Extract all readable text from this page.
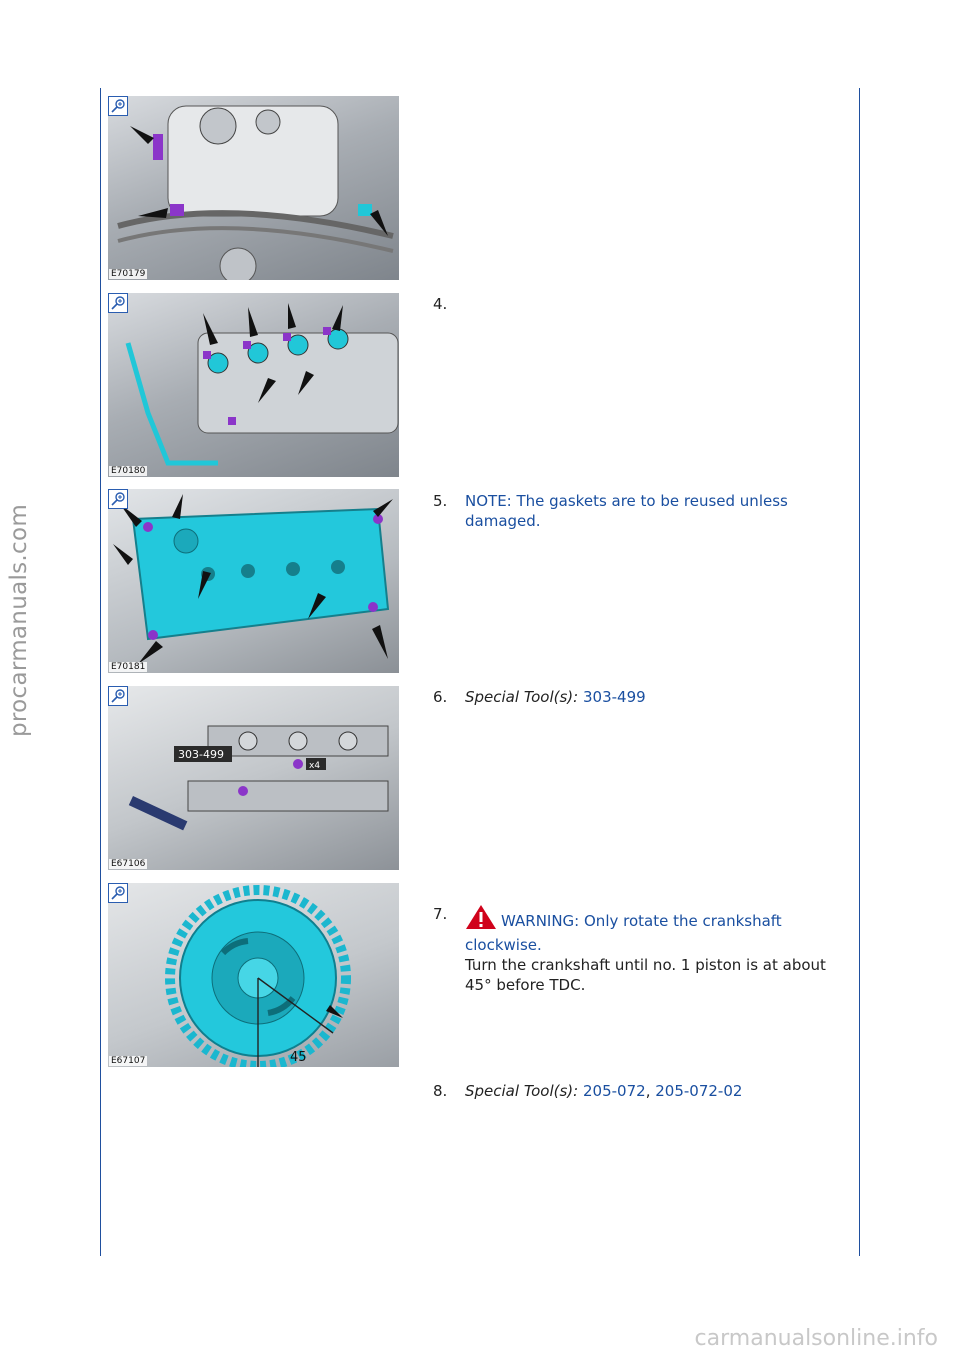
procarmanuals.com
carmanualsonline.info
E70179
E70180
E70181
303-499
x4
E67106
45
E67107
4.
5. NOTE: The gaskets are to be reused unless damaged.
6. Special Tool(s): 303-499
7.	WARNING: Only rotate the crankshaft clockwise.
Turn the crankshaft until no. 1 piston is at about 45° before TDC.
8. Special Tool(s): 205-072, 205-072-02
